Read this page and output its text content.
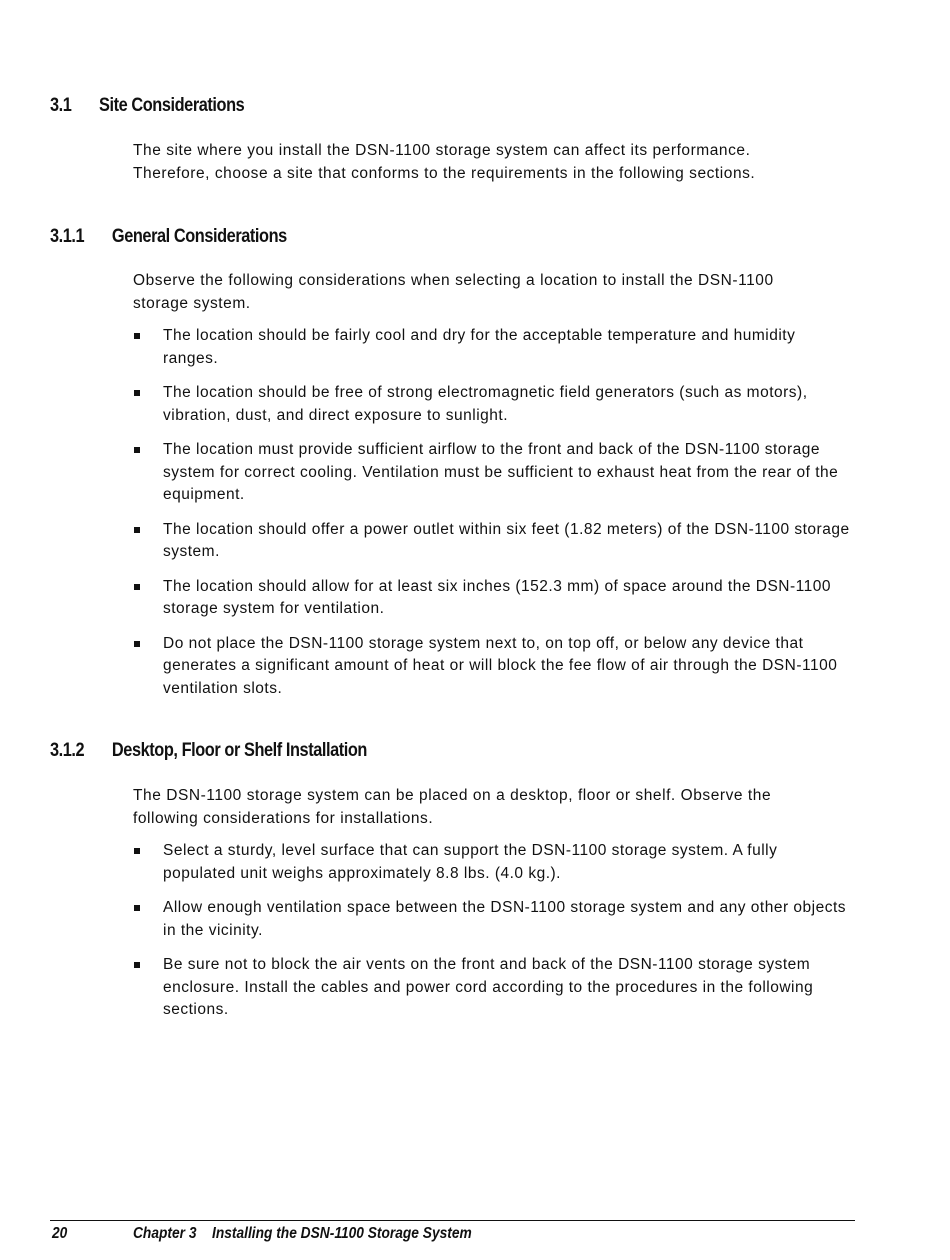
3.1 Site Considerations

The site where you install the DSN-1100 storage system can affect its performance. Therefore, choose a site that conforms to the requirements in the following sections.

3.1.1 General Considerations

Observe the following considerations when selecting a location to install the DSN-1100 storage system.

The location should be fairly cool and dry for the acceptable temperature and humidity ranges.
The location should be free of strong electromagnetic field generators (such as motors), vibration, dust, and direct exposure to sunlight.
The location must provide sufficient airflow to the front and back of the DSN-1100 storage system for correct cooling. Ventilation must be sufficient to exhaust heat from the rear of the equipment.
The location should offer a power outlet within six feet (1.82 meters) of the DSN-1100 storage system.
The location should allow for at least six inches (152.3 mm) of space around the DSN-1100 storage system for ventilation.
Do not place the DSN-1100 storage system next to, on top off, or below any device that generates a significant amount of heat or will block the fee flow of air through the DSN-1100 ventilation slots.
3.1.2 Desktop, Floor or Shelf Installation

The DSN-1100 storage system can be placed on a desktop, floor or shelf. Observe the following considerations for installations.

Select a sturdy, level surface that can support the DSN-1100 storage system. A fully populated unit weighs approximately 8.8 lbs. (4.0 kg.).
Allow enough ventilation space between the DSN-1100 storage system and any other objects in the vicinity.
Be sure not to block the air vents on the front and back of the DSN-1100 storage system enclosure. Install the cables and power cord according to the procedures in the following sections.
20	Chapter 3 Installing the DSN-1100 Storage System
